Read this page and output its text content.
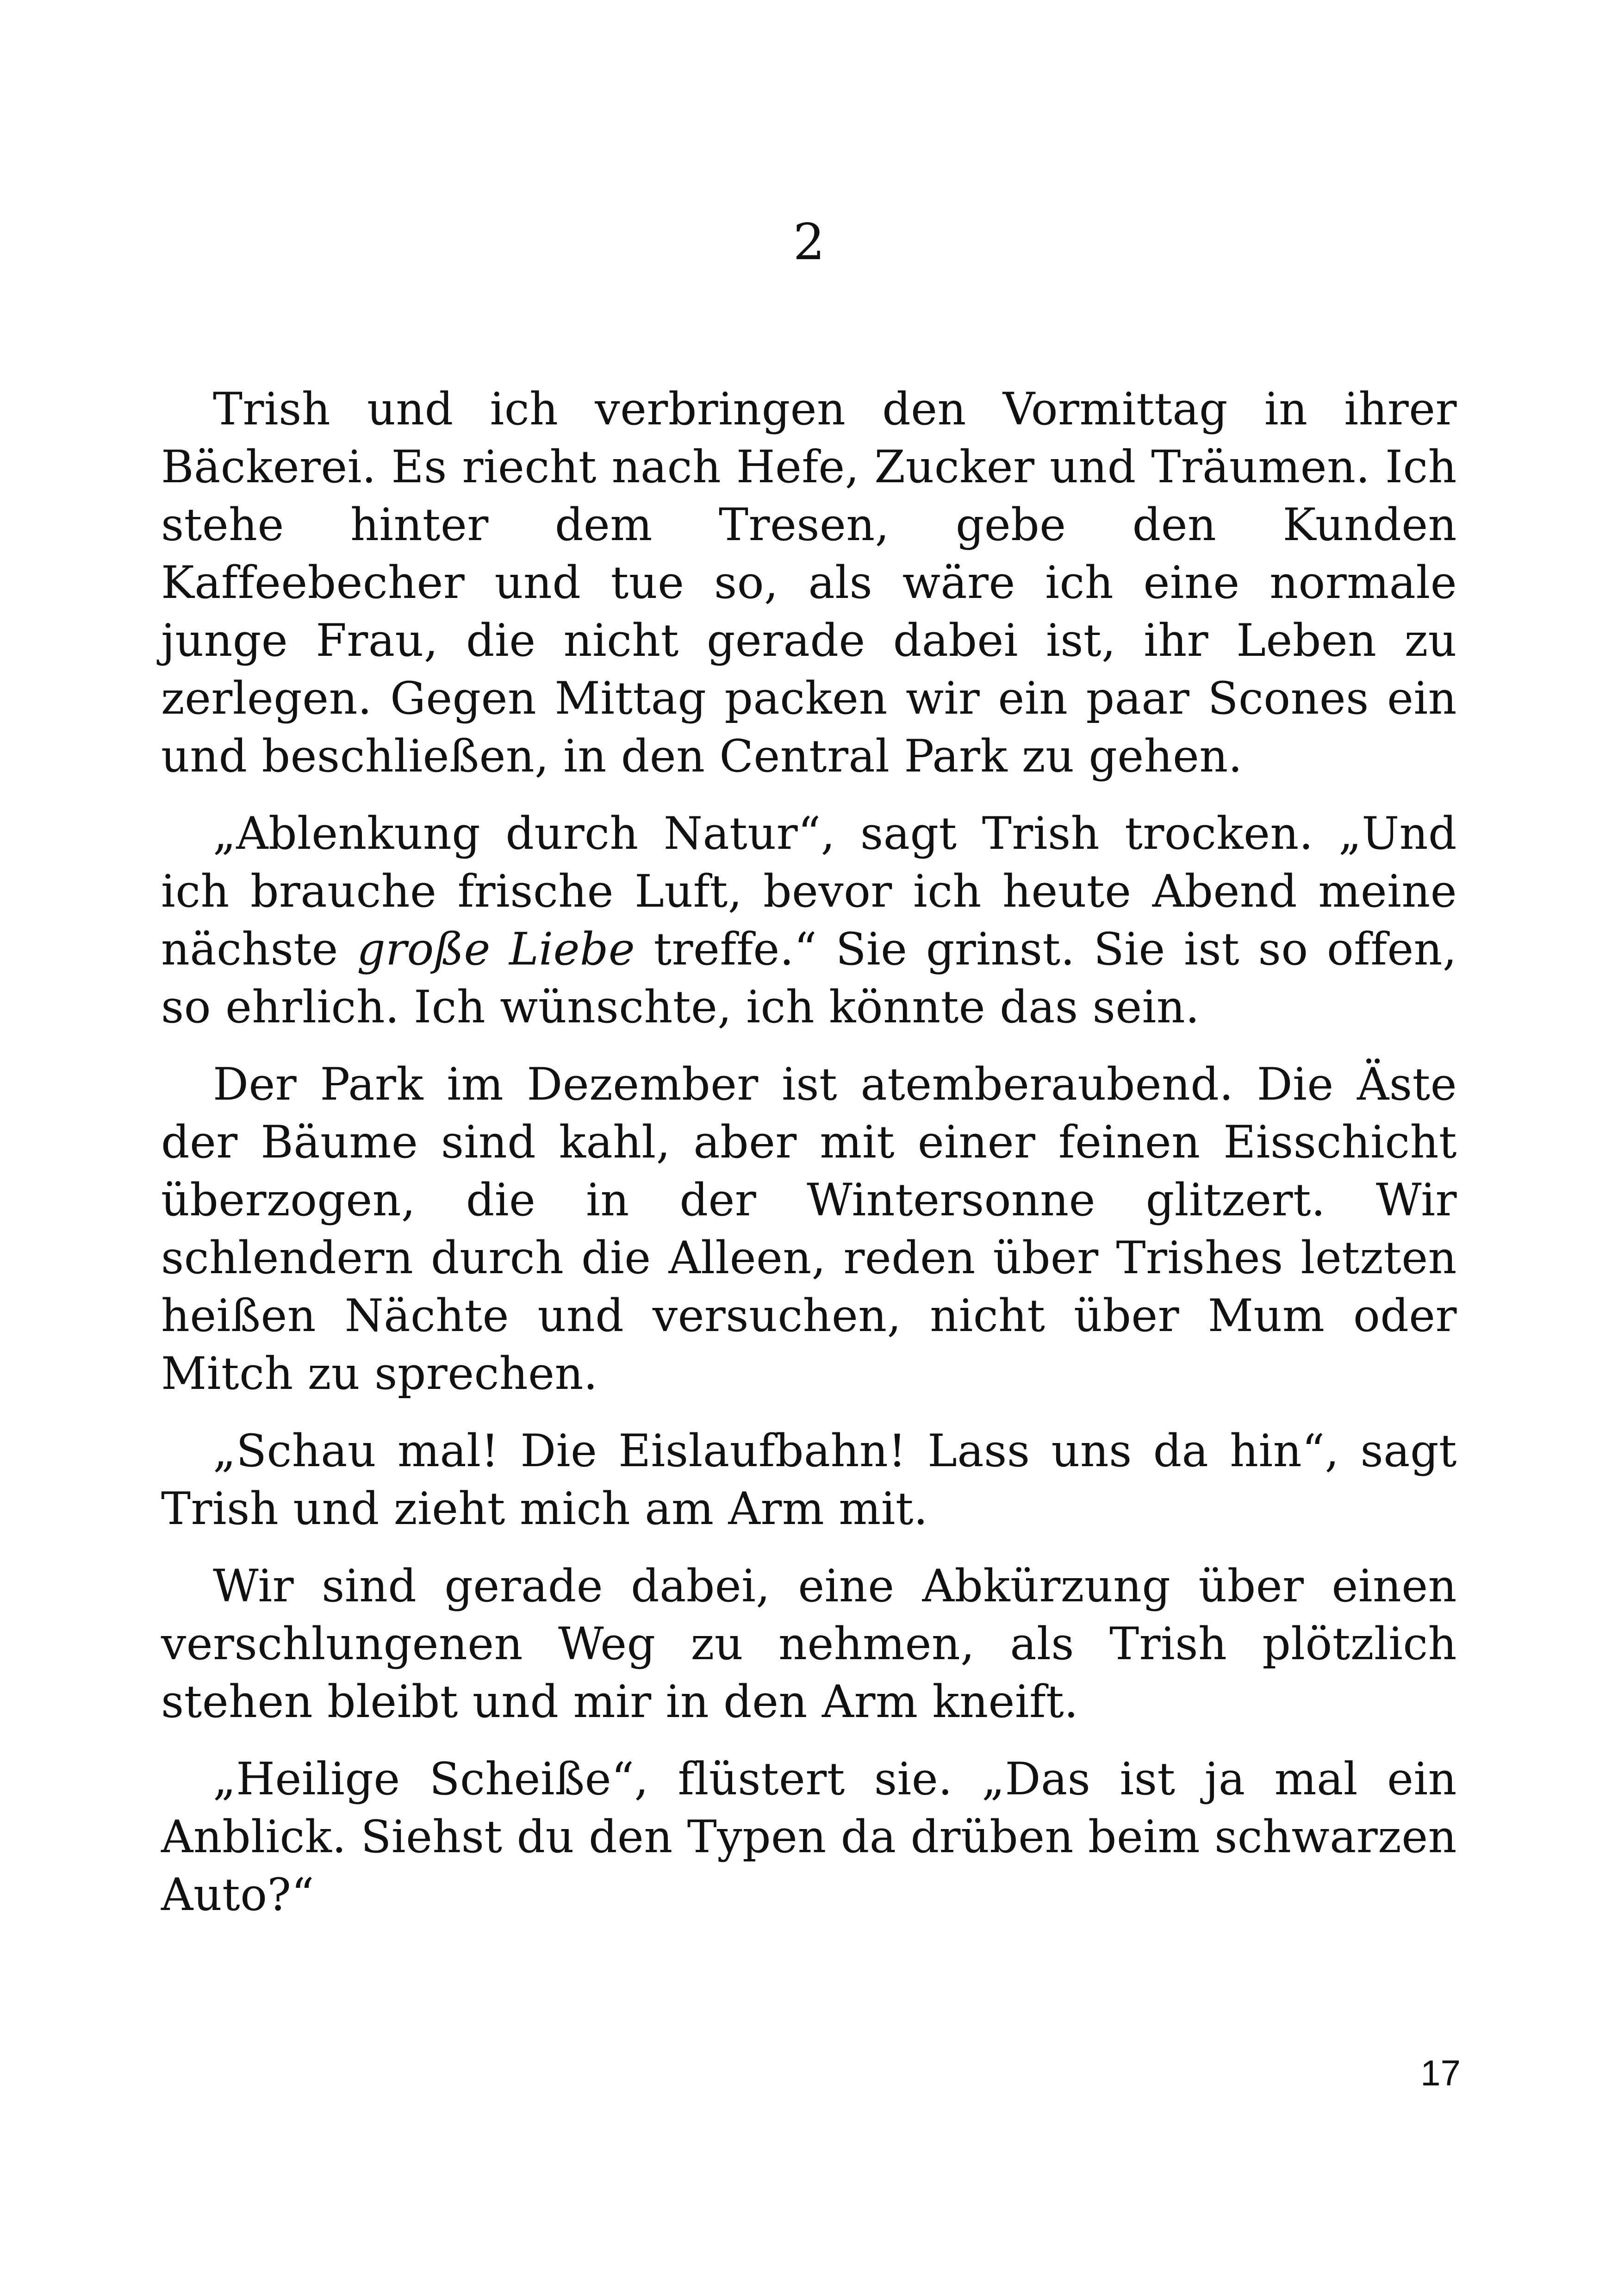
2

Trish und ich verbringen den Vormittag in ihrer Bäckerei. Es riecht nach Hefe, Zucker und Träumen. Ich stehe hinter dem Tresen, gebe den Kunden Kaffeebecher und tue so, als wäre ich eine normale junge Frau, die nicht gerade dabei ist, ihr Leben zu zerlegen. Gegen Mittag packen wir ein paar Scones ein und beschließen, in den Central Park zu gehen.

„Ablenkung durch Natur“, sagt Trish trocken. „Und ich brauche frische Luft, bevor ich heute Abend meine nächste große Liebe treffe.“ Sie grinst. Sie ist so offen, so ehrlich. Ich wünschte, ich könnte das sein.

Der Park im Dezember ist atemberaubend. Die Äste der Bäume sind kahl, aber mit einer feinen Eisschicht überzogen, die in der Wintersonne glitzert. Wir schlendern durch die Alleen, reden über Trishes letzten heißen Nächte und versuchen, nicht über Mum oder Mitch zu sprechen.

„Schau mal! Die Eislaufbahn! Lass uns da hin“, sagt Trish und zieht mich am Arm mit.

Wir sind gerade dabei, eine Abkürzung über einen verschlungenen Weg zu nehmen, als Trish plötzlich stehen bleibt und mir in den Arm kneift.

„Heilige Scheiße“, flüstert sie. „Das ist ja mal ein Anblick. Siehst du den Typen da drüben beim schwarzen Auto?“

17
